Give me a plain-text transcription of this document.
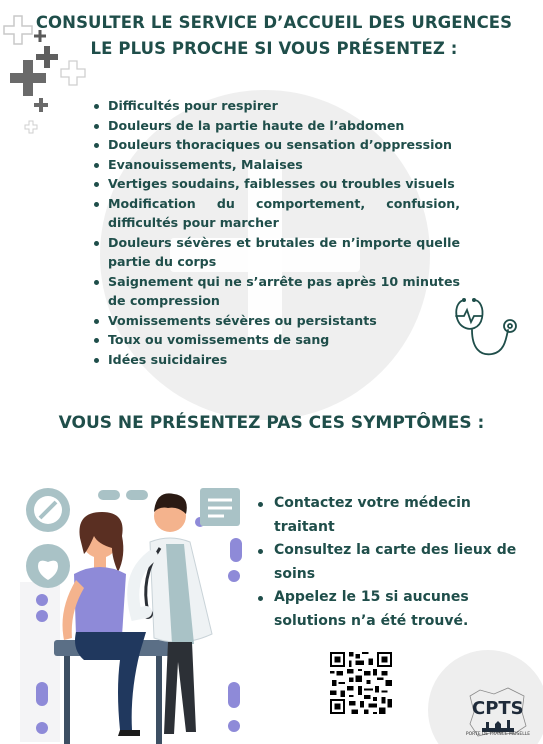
CONSULTER LE SERVICE D’ACCUEIL DES URGENCES LE PLUS PROCHE SI VOUS PRÉSENTEZ :
Difficultés pour respirer
Douleurs de la partie haute de l’abdomen
Douleurs thoraciques ou sensation d’oppression
Evanouissements, Malaises
Vertiges soudains, faiblesses ou troubles visuels
Modification du comportement, confusion, difficultés pour marcher
Douleurs sévères et brutales de n’importe quelle partie du corps
Saignement qui ne s’arrête pas après 10 minutes de compression
Vomissements sévères ou persistants
Toux ou vomissements de sang
Idées suicidaires
VOUS NE PRÉSENTEZ PAS CES SYMPTÔMES :
Contactez votre médecin traitant
Consultez la carte des lieux de soins
Appelez le 15 si aucunes solutions n’a été trouvé.
CPTS
PORTE DE FRANCE MOSELLE
